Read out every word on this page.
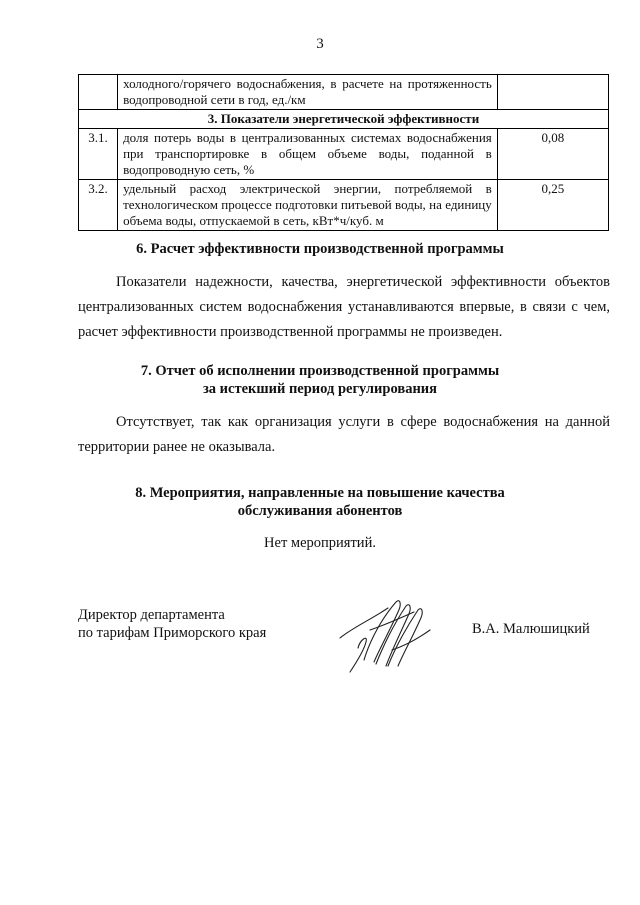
3
	холодного/горячего водоснабжения, в расчете на протяженность водопроводной сети в год, ед./км	
3. Показатели энергетической эффективности		
3.1.	доля потерь воды в централизованных системах водоснабжения при транспортировке в общем объеме воды, поданной в водопроводную сеть, %	0,08
3.2.	удельный расход электрической энергии, потребляемой в технологическом процессе подготовки питьевой воды, на единицу объема воды, отпускаемой в сеть, кВт*ч/куб. м	0,25
6. Расчет эффективности производственной программы
Показатели надежности, качества, энергетической эффективности объектов централизованных систем водоснабжения устанавливаются впервые, в связи с чем, расчет эффективности производственной программы не произведен.
7. Отчет об исполнении производственной программы
за истекший период регулирования
Отсутствует, так как организация услуги в сфере водоснабжения на данной территории ранее не оказывала.
8. Мероприятия, направленные на повышение качества
обслуживания абонентов
Нет мероприятий.
Директор департамента
по тарифам Приморского края	В.А. Малюшицкий
